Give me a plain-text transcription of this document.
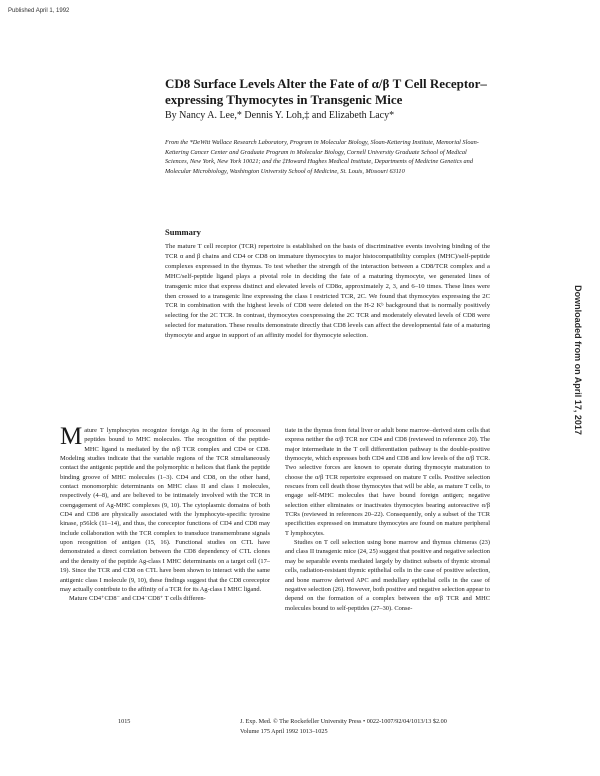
Published April 1, 1992
CD8 Surface Levels Alter the Fate of α/β T Cell Receptor–expressing Thymocytes in Transgenic Mice
By Nancy A. Lee,* Dennis Y. Loh,‡ and Elizabeth Lacy*
From the *DeWitt Wallace Research Laboratory, Program in Molecular Biology, Sloan-Kettering Institute, Memorial Sloan-Kettering Cancer Center and Graduate Program in Molecular Biology, Cornell University Graduate School of Medical Sciences, New York, New York 10021; and the ‡Howard Hughes Medical Institute, Departments of Medicine Genetics and Molecular Microbiology, Washington University School of Medicine, St. Louis, Missouri 63110
Summary
The mature T cell receptor (TCR) repertoire is established on the basis of discriminative events involving binding of the TCR α and β chains and CD4 or CD8 on immature thymocytes to major histocompatibility complex (MHC)/self-peptide complexes expressed in the thymus. To test whether the strength of the interaction between a CD8/TCR complex and a MHC/self-peptide ligand plays a pivotal role in deciding the fate of a maturing thymocyte, we generated lines of transgenic mice that express distinct and elevated levels of CD8α, approximately 2, 3, and 6–10 times. These lines were then crossed to a transgenic line expressing the class I restricted TCR, 2C. We found that thymocytes expressing the 2C TCR in combination with the highest levels of CD8 were deleted on the H-2 Kᵇ background that is normally positively selecting for the 2C TCR. In contrast, thymocytes coexpressing the 2C TCR and moderately elevated levels of CD8 were selected for maturation. These results demonstrate directly that CD8 levels can affect the developmental fate of a maturing thymocyte and argue in support of an affinity model for thymocyte selection.

Mature T lymphocytes recognize foreign Ag in the form of processed peptides bound to MHC molecules. The recognition of the peptide-MHC ligand is mediated by the α/β TCR complex and CD4 or CD8. Modeling studies indicate that the variable regions of the TCR simultaneously contact the antigenic peptide and the polymorphic α helices that flank the peptide binding groove of MHC molecules (1–3). CD4 and CD8, on the other hand, contact monomorphic determinants on MHC class II and class I molecules, respectively (4–8), and are believed to be intimately involved with the TCR in coengagement of Ag-MHC complexes (9, 10). The cytoplasmic domains of both CD4 and CD8 are physically associated with the lymphocyte-specific tyrosine kinase, p56lck (11–14), and thus, the coreceptor functions of CD4 and CD8 may include collaboration with the TCR complex to transduce transmembrane signals upon recognition of antigen (15, 16). Functional studies on CTL have demonstrated a direct correlation between the CD8 dependency of CTL clones and the density of the peptide Ag-class I MHC determinants on a target cell (17–19). Since the TCR and CD8 on CTL have been shown to interact with the same antigenic class I molecule (9, 10), these findings suggest that the CD8 coreceptor may actually contribute to the affinity of a TCR for its Ag-class I MHC ligand.

Mature CD4⁺CD8⁻ and CD4⁻CD8⁺ T cells differen-

tiate in the thymus from fetal liver or adult bone marrow–derived stem cells that express neither the α/β TCR nor CD4 and CD8 (reviewed in reference 20). The major intermediate in the T cell differentiation pathway is the double-positive thymocyte, which expresses both CD4 and CD8 and low levels of the α/β TCR. Two selective forces are known to operate during thymocyte maturation to choose the α/β TCR repertoire expressed on mature T cells. Positive selection rescues from cell death those thymocytes that will be able, as mature T cells, to engage self-MHC molecules that have bound foreign antigen; negative selection either eliminates or inactivates thymocytes bearing autoreactive α/β TCRs (reviewed in references 20–22). Consequently, only a subset of the TCR specificities expressed on immature thymocytes are found on mature peripheral T lymphocytes.

Studies on T cell selection using bone marrow and thymus chimeras (23) and class II transgenic mice (24, 25) suggest that positive and negative selection may be separable events mediated largely by distinct subsets of thymic stromal cells, radiation-resistant thymic epithelial cells in the case of positive selection, and bone marrow derived APC and medullary epithelial cells in the case of negative selection (26). However, both positive and negative selection appear to depend on the formation of a complex between the α/β TCR and MHC molecules bound to self-peptides (27–30). Conse-

1015	J. Exp. Med. © The Rockefeller University Press • 0022-1007/92/04/1013/13 $2.00
Volume 175 April 1992 1013–1025
Downloaded from on April 17, 2017
